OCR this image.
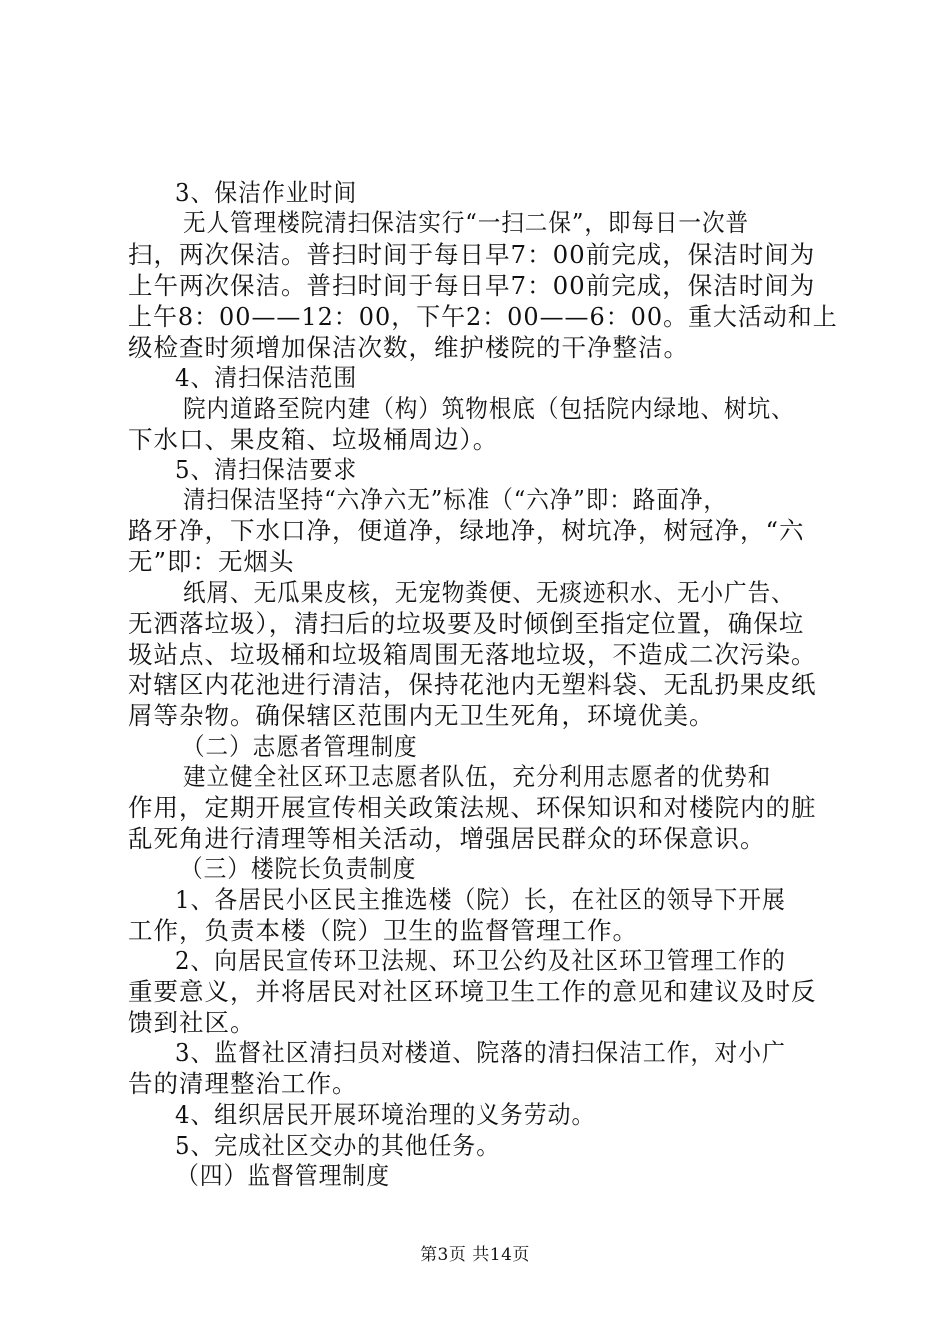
3、保洁作业时间
无人管理楼院清扫保洁实行“一扫二保”，即每日一次普
扫，两次保洁。普扫时间于每日早7：00前完成，保洁时间为
上午两次保洁。普扫时间于每日早7：00前完成，保洁时间为
上午8：00——12：00，下午2：00——6：00。重大活动和上
级检查时须增加保洁次数，维护楼院的干净整洁。
4、清扫保洁范围
院内道路至院内建（构）筑物根底（包括院内绿地、树坑、
下水口、果皮箱、垃圾桶周边）。
5、清扫保洁要求
清扫保洁坚持“六净六无”标准（“六净”即：路面净，
路牙净，下水口净，便道净，绿地净，树坑净，树冠净，“六
无”即：无烟头
纸屑、无瓜果皮核，无宠物粪便、无痰迹积水、无小广告、
无洒落垃圾），清扫后的垃圾要及时倾倒至指定位置，确保垃
圾站点、垃圾桶和垃圾箱周围无落地垃圾，不造成二次污染。
对辖区内花池进行清洁，保持花池内无塑料袋、无乱扔果皮纸
屑等杂物。确保辖区范围内无卫生死角，环境优美。
（二）志愿者管理制度
建立健全社区环卫志愿者队伍，充分利用志愿者的优势和
作用，定期开展宣传相关政策法规、环保知识和对楼院内的脏
乱死角进行清理等相关活动，增强居民群众的环保意识。
（三）楼院长负责制度
1、各居民小区民主推选楼（院）长，在社区的领导下开展
工作，负责本楼（院）卫生的监督管理工作。
2、向居民宣传环卫法规、环卫公约及社区环卫管理工作的
重要意义，并将居民对社区环境卫生工作的意见和建议及时反
馈到社区。
3、监督社区清扫员对楼道、院落的清扫保洁工作，对小广
告的清理整治工作。
4、组织居民开展环境治理的义务劳动。
5、完成社区交办的其他任务。
（四）监督管理制度
第3页 共14页
